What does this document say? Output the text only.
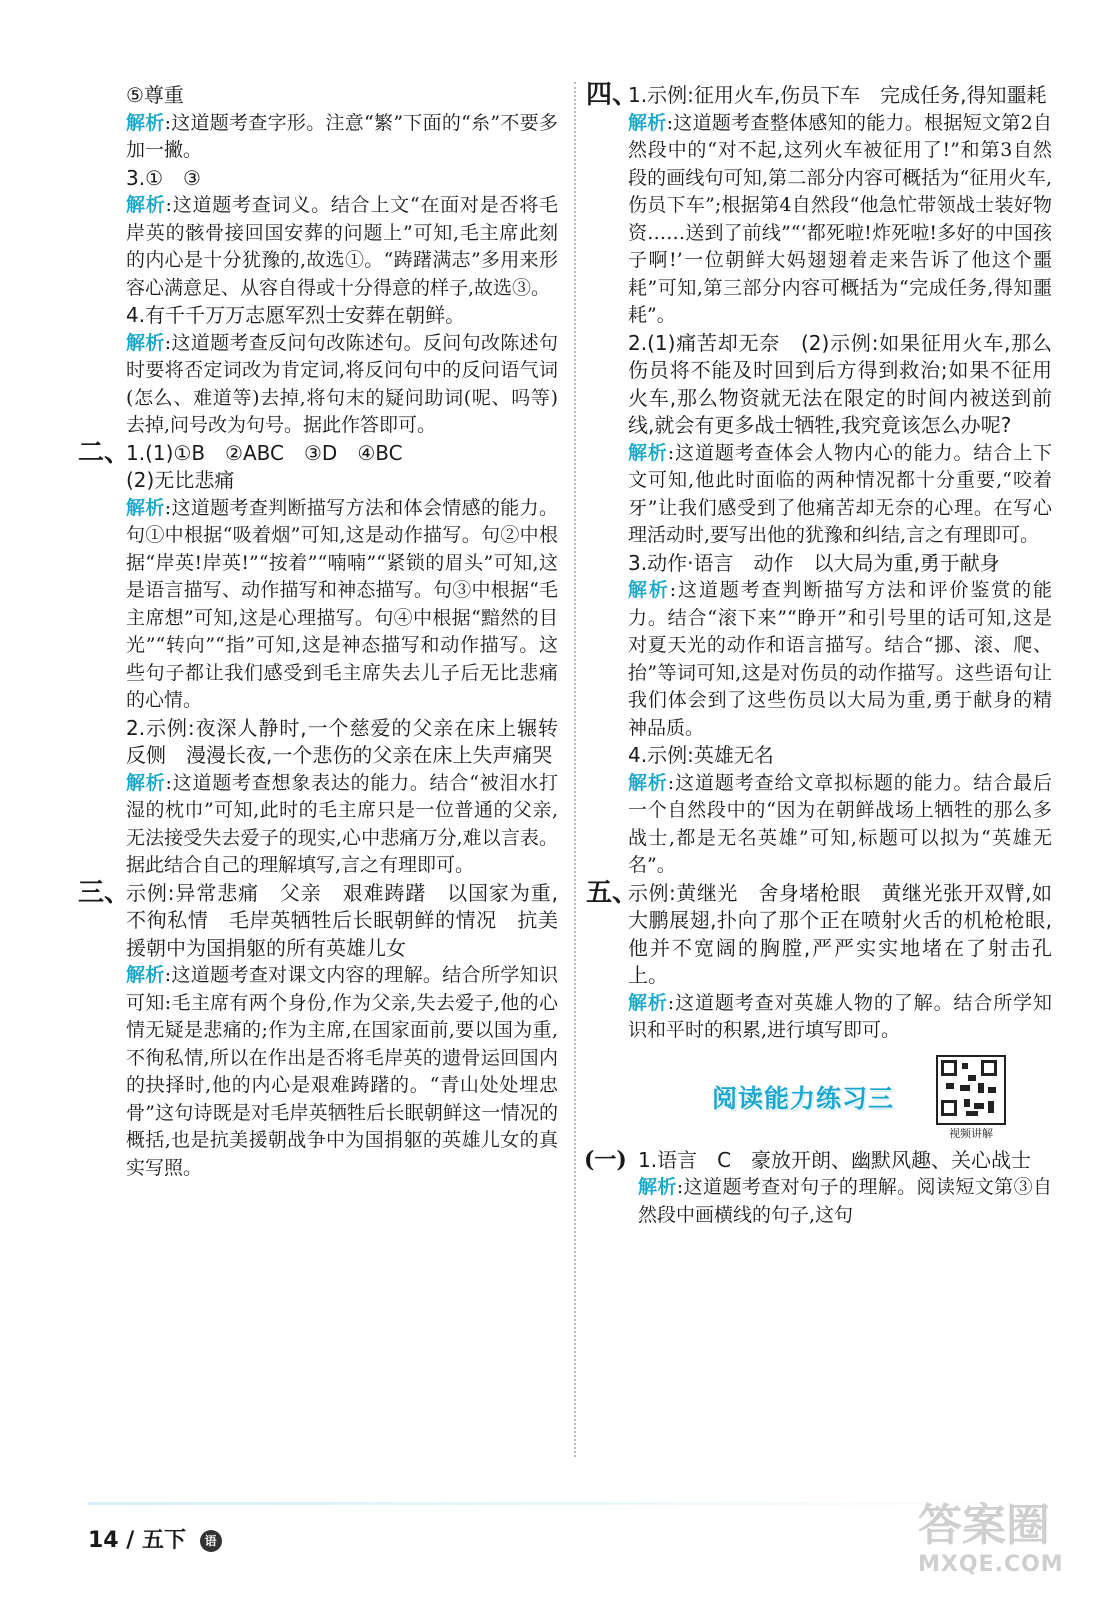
⑤尊重
解析:这道题考查字形。注意“繁”下面的“糸”不要多加一撇。
3.①　③
解析:这道题考查词义。结合上文“在面对是否将毛岸英的骸骨接回国安葬的问题上”可知,毛主席此刻的内心是十分犹豫的,故选①。“踌躇满志”多用来形容心满意足、从容自得或十分得意的样子,故选③。
4.有千千万万志愿军烈士安葬在朝鲜。
解析:这道题考查反问句改陈述句。反问句改陈述句时要将否定词改为肯定词,将反问句中的反问语气词(怎么、难道等)去掉,将句末的疑问助词(呢、吗等)去掉,问号改为句号。据此作答即可。
二、
1.(1)①B　②ABC　③D　④BC
(2)无比悲痛
解析:这道题考查判断描写方法和体会情感的能力。句①中根据“吸着烟”可知,这是动作描写。句②中根据“岸英!岸英!”“按着”“喃喃”“紧锁的眉头”可知,这是语言描写、动作描写和神态描写。句③中根据“毛主席想”可知,这是心理描写。句④中根据“黯然的目光”“转向”“指”可知,这是神态描写和动作描写。这些句子都让我们感受到毛主席失去儿子后无比悲痛的心情。
2.示例:夜深人静时,一个慈爱的父亲在床上辗转反侧　漫漫长夜,一个悲伤的父亲在床上失声痛哭
解析:这道题考查想象表达的能力。结合“被泪水打湿的枕巾”可知,此时的毛主席只是一位普通的父亲,无法接受失去爱子的现实,心中悲痛万分,难以言表。据此结合自己的理解填写,言之有理即可。
三、
示例:异常悲痛　父亲　艰难踌躇　以国家为重,不徇私情　毛岸英牺牲后长眠朝鲜的情况　抗美援朝中为国捐躯的所有英雄儿女
解析:这道题考查对课文内容的理解。结合所学知识可知:毛主席有两个身份,作为父亲,失去爱子,他的心情无疑是悲痛的;作为主席,在国家面前,要以国为重,不徇私情,所以在作出是否将毛岸英的遗骨运回国内的抉择时,他的内心是艰难踌躇的。“青山处处埋忠骨”这句诗既是对毛岸英牺牲后长眠朝鲜这一情况的概括,也是抗美援朝战争中为国捐躯的英雄儿女的真实写照。
四、
1.示例:征用火车,伤员下车　完成任务,得知噩耗
解析:这道题考查整体感知的能力。根据短文第2自然段中的“对不起,这列火车被征用了!”和第3自然段的画线句可知,第二部分内容可概括为“征用火车,伤员下车”;根据第4自然段“他急忙带领战士装好物资……送到了前线”“‘都死啦!炸死啦!多好的中国孩子啊!’一位朝鲜大妈翅翅着走来告诉了他这个噩耗”可知,第三部分内容可概括为“完成任务,得知噩耗”。
2.(1)痛苦却无奈　(2)示例:如果征用火车,那么伤员将不能及时回到后方得到救治;如果不征用火车,那么物资就无法在限定的时间内被送到前线,就会有更多战士牺牲,我究竟该怎么办呢?
解析:这道题考查体会人物内心的能力。结合上下文可知,他此时面临的两种情况都十分重要,“咬着牙”让我们感受到了他痛苦却无奈的心理。在写心理活动时,要写出他的犹豫和纠结,言之有理即可。
3.动作·语言　动作　以大局为重,勇于献身
解析:这道题考查判断描写方法和评价鉴赏的能力。结合“滚下来”“睁开”和引号里的话可知,这是对夏天光的动作和语言描写。结合“挪、滚、爬、抬”等词可知,这是对伤员的动作描写。这些语句让我们体会到了这些伤员以大局为重,勇于献身的精神品质。
4.示例:英雄无名
解析:这道题考查给文章拟标题的能力。结合最后一个自然段中的“因为在朝鲜战场上牺牲的那么多战士,都是无名英雄”可知,标题可以拟为“英雄无名”。
五、
示例:黄继光　舍身堵枪眼　黄继光张开双臂,如大鹏展翅,扑向了那个正在喷射火舌的机枪枪眼,他并不宽阔的胸膛,严严实实地堵在了射击孔上。
解析:这道题考查对英雄人物的了解。结合所学知识和平时的积累,进行填写即可。
阅读能力练习三
视频讲解
(一) 1.语言　C　豪放开朗、幽默风趣、关心战士
解析:这道题考查对句子的理解。阅读短文第③自然段中画横线的句子,这句
14 / 五下 语	答案圈
MXQE.COM
